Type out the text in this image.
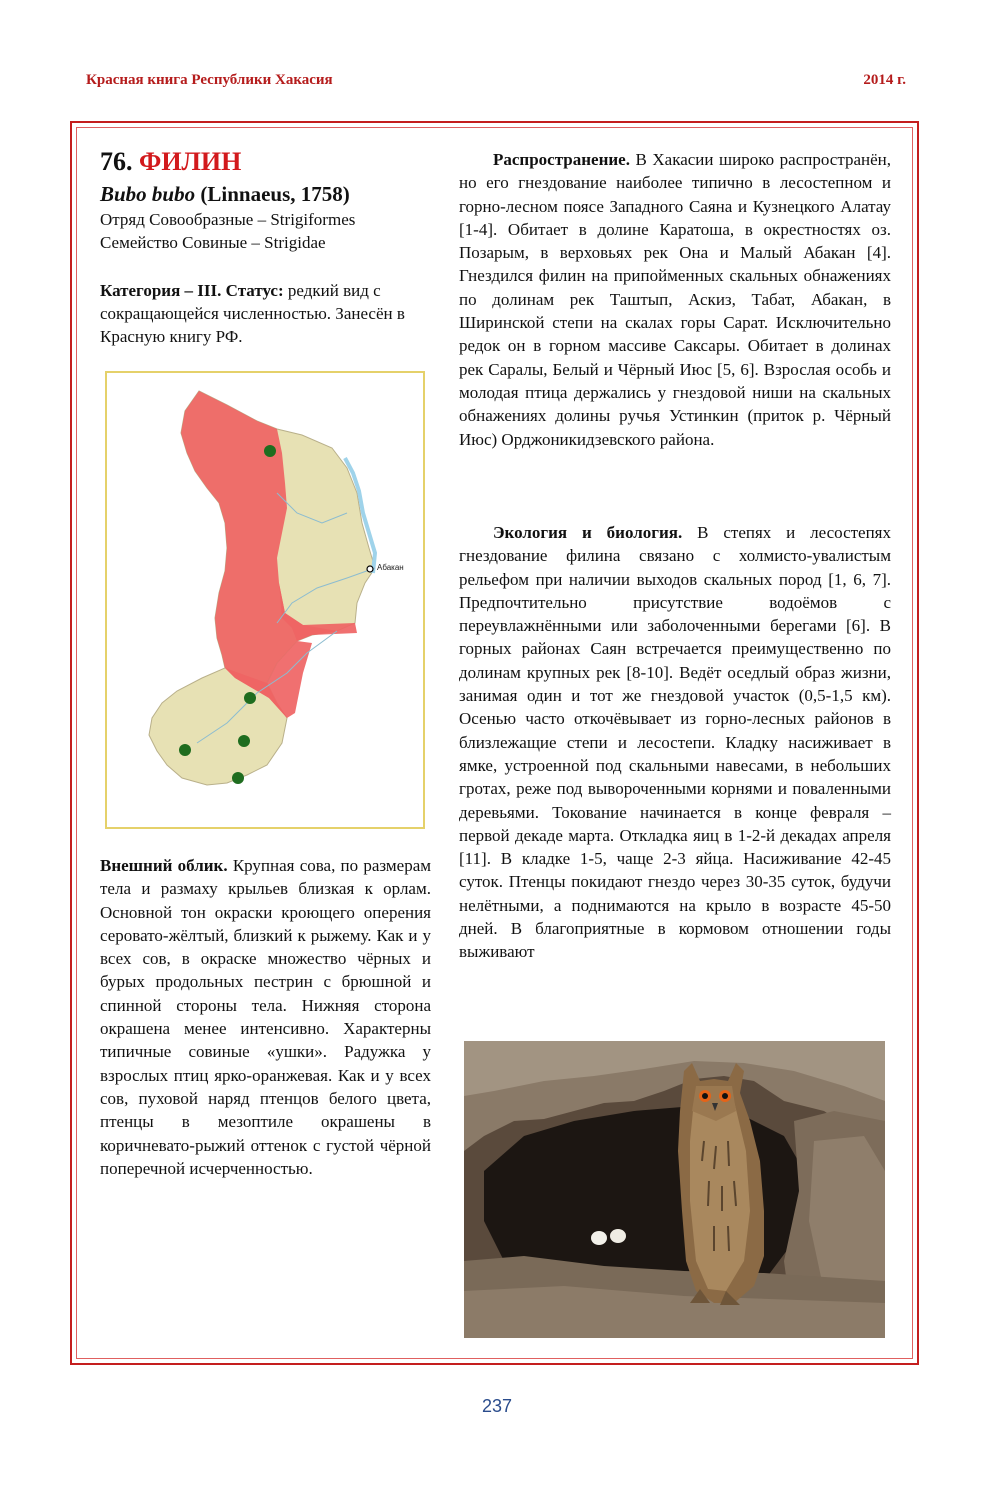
Красная книга Республики Хакасия	2014 г.
76. ФИЛИН
Bubo bubo (Linnaeus, 1758)
Отряд Совообразные – Strigiformes
Семейство Совиные – Strigidae
Категория – III. Статус: редкий вид с сокращающейся численностью. Занесён в Красную книгу РФ.
Абакан

Внешний облик. Крупная сова, по размерам тела и размаху крыльев близкая к орлам. Основной тон окраски кроющего оперения серовато-жёлтый, близкий к рыжему. Как и у всех сов, в окраске множество чёрных и бурых продольных пестрин с брюшной и спинной стороны тела. Нижняя сторона окрашена менее интенсивно. Характерны типичные совиные «ушки». Радужка у взрослых птиц ярко-оранжевая. Как и у всех сов, пуховой наряд птенцов белого цвета, птенцы в мезоптиле окрашены в коричневато-рыжий оттенок с густой чёрной поперечной исчерченностью.

Распространение. В Хакасии широко распространён, но его гнездование наиболее типично в лесостепном и горно-лесном поясе Западного Саяна и Кузнецкого Алатау [1-4]. Обитает в долине Каратоша, в окрестностях оз. Позарым, в верховьях рек Она и Малый Абакан [4]. Гнездился филин на припойменных скальных обнажениях по долинам рек Таштып, Аскиз, Табат, Абакан, в Ширинской степи на скалах горы Сарат. Исключительно редок он в горном массиве Саксары. Обитает в долинах рек Саралы, Белый и Чёрный Июс [5, 6]. Взрослая особь и молодая птица держались у гнездовой ниши на скальных обнажениях долины ручья Устинкин (приток р. Чёрный Июс) Орджоникидзевского района.

Экология и биология. В степях и лесостепях гнездование филина связано с холмисто-увалистым рельефом при наличии выходов скальных пород [1, 6, 7]. Предпочтительно присутствие водоёмов с переувлажнёнными или заболоченными берегами [6]. В горных районах Саян встречается преимущественно по долинам крупных рек [8-10]. Ведёт оседлый образ жизни, занимая один и тот же гнездовой участок (0,5-1,5 км). Осенью часто откочёвывает из горно-лесных районов в близлежащие степи и лесостепи. Кладку насиживает в ямке, устроенной под скальными навесами, в небольших гротах, реже под вывороченными корнями и поваленными деревьями. Токование начинается в конце февраля – первой декаде марта. Откладка яиц в 1-2-й декадах апреля [11]. В кладке 1-5, чаще 2-3 яйца. Насиживание 42-45 суток. Птенцы покидают гнездо через 30-35 суток, будучи нелётными, а поднимаются на крыло в возрасте 45-50 дней. В благоприятные в кормовом отношении годы выживают

237
